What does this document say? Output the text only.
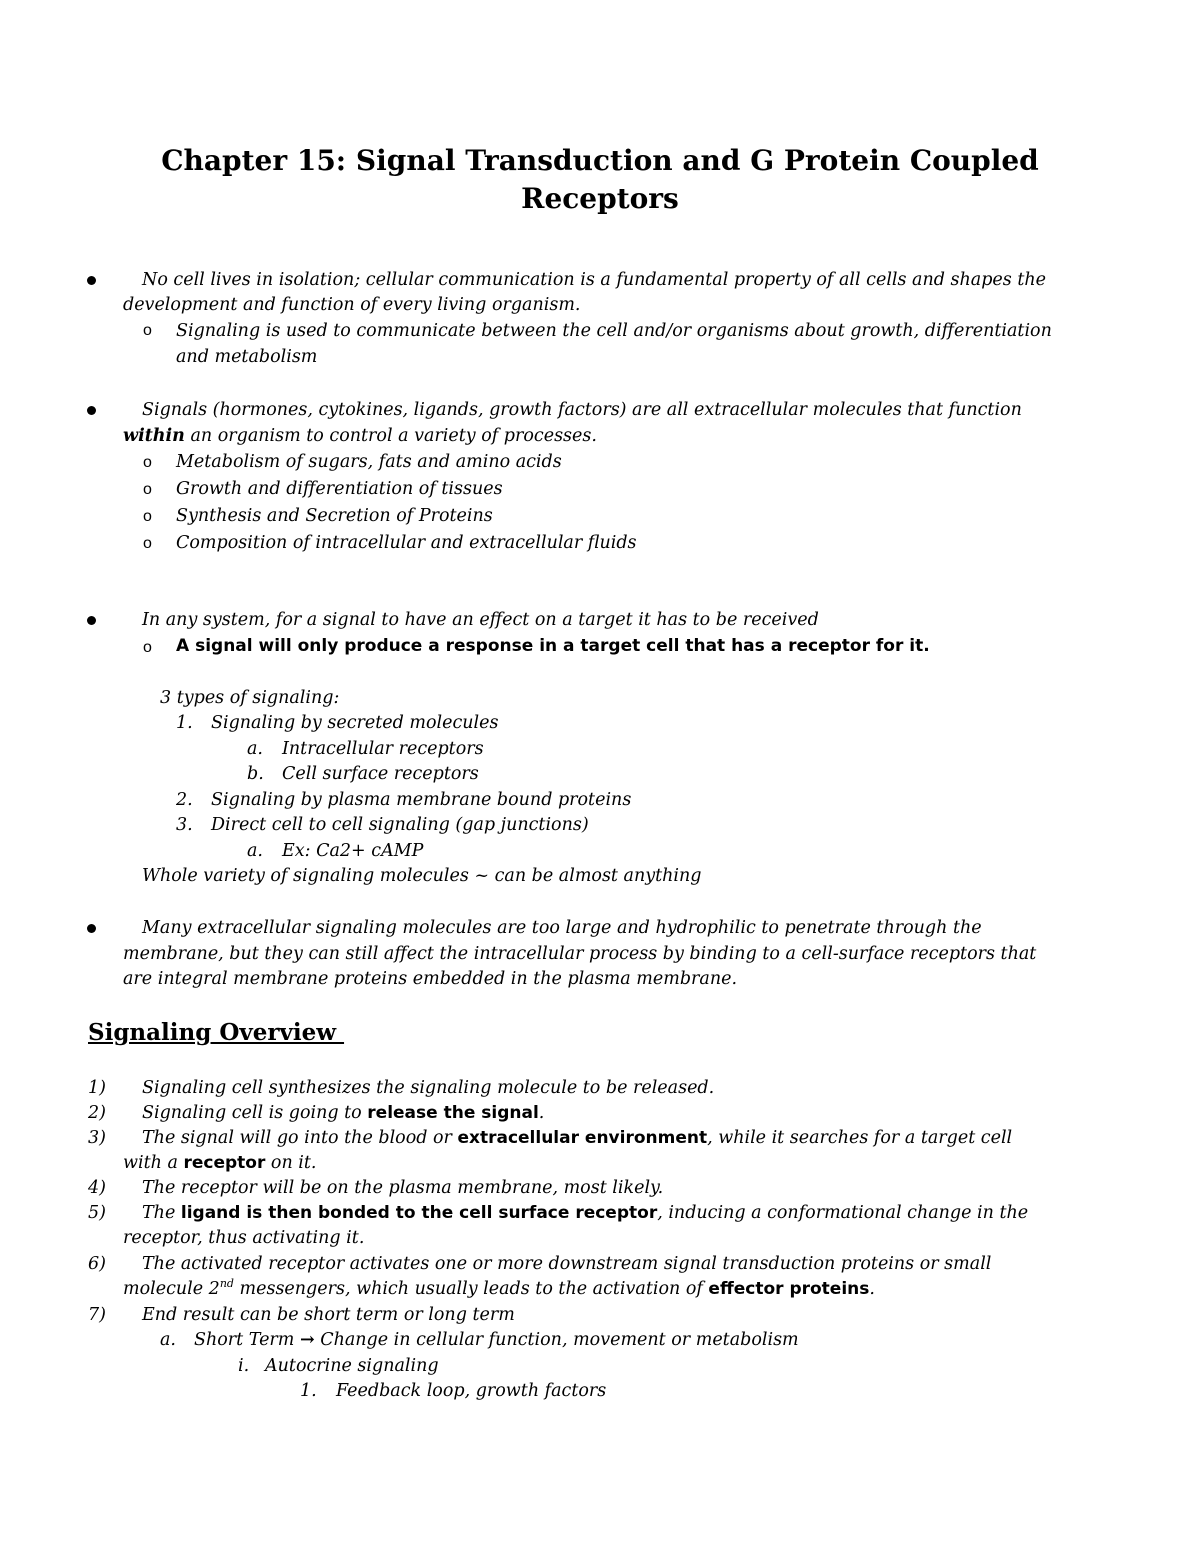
Chapter 15: Signal Transduction and G Protein Coupled
Receptors
No cell lives in isolation; cellular communication is a fundamental property of all cells and shapes the
development and function of every living organism.
o Signaling is used to communicate between the cell and/or organisms about growth, differentiation
and metabolism
Signals (hormones, cytokines, ligands, growth factors) are all extracellular molecules that function
within an organism to control a variety of processes.
o Metabolism of sugars, fats and amino acids
o Growth and differentiation of tissues
o Synthesis and Secretion of Proteins
o Composition of intracellular and extracellular fluids
In any system, for a signal to have an effect on a target it has to be received
o A signal will only produce a response in a target cell that has a receptor for it.
3 types of signaling:
1. Signaling by secreted molecules
a. Intracellular receptors
b. Cell surface receptors
2. Signaling by plasma membrane bound proteins
3. Direct cell to cell signaling (gap junctions)
a. Ex: Ca2+ cAMP
Whole variety of signaling molecules ~ can be almost anything
Many extracellular signaling molecules are too large and hydrophilic to penetrate through the
membrane, but they can still affect the intracellular process by binding to a cell-surface receptors that
are integral membrane proteins embedded in the plasma membrane.
Signaling Overview
1) Signaling cell synthesizes the signaling molecule to be released.
2) Signaling cell is going to release the signal.
3) The signal will go into the blood or extracellular environment, while it searches for a target cell
with a receptor on it.
4) The receptor will be on the plasma membrane, most likely.
5) The ligand is then bonded to the cell surface receptor, inducing a conformational change in the
receptor, thus activating it.
6) The activated receptor activates one or more downstream signal transduction proteins or small
molecule 2nd messengers, which usually leads to the activation of effector proteins.
7) End result can be short term or long term
a. Short Term → Change in cellular function, movement or metabolism
i. Autocrine signaling
1. Feedback loop, growth factors
